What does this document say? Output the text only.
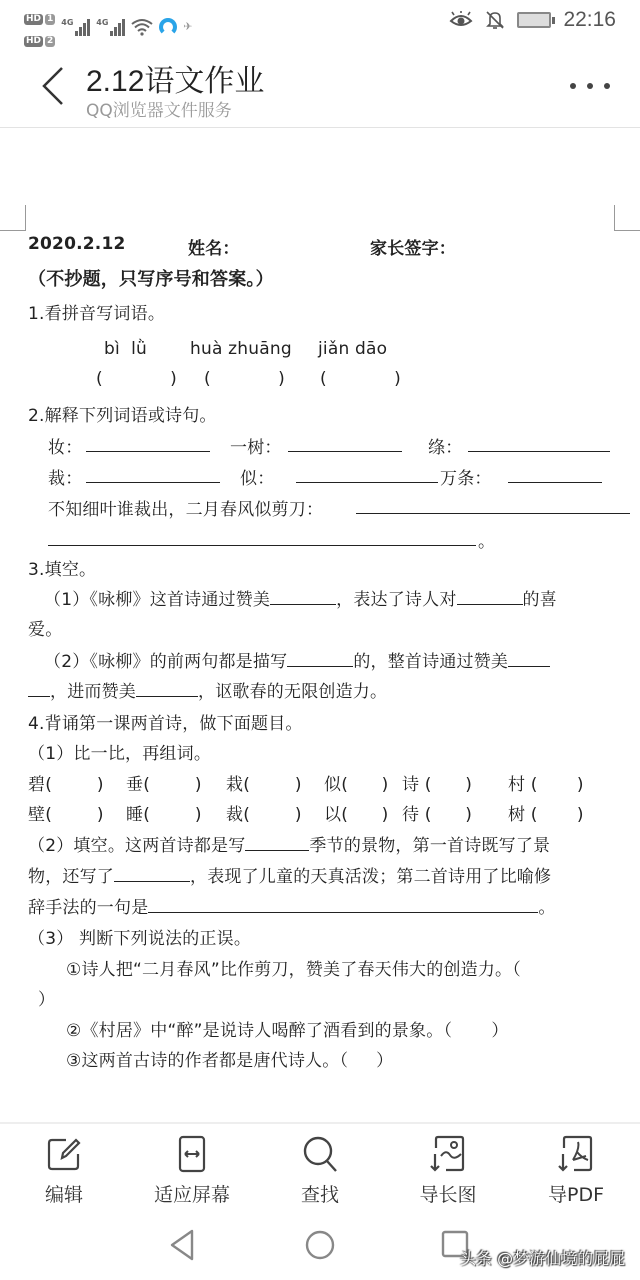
HD 1
HD 2
4G	4G	✈	22:16
2.12语文作业
QQ浏览器文件服务
2020.2.12	姓名：	家长签字：
（不抄题，只写序号和答案。）
1.看拼音写词语。
bì  lǜ	huà zhuāng jiǎn dāo
(            ) (            ) (            )
2.解释下列词语或诗句。
妆：	一树：	绦：
裁：	似：	万条：
不知细叶谁裁出，二月春风似剪刀：
。
3.填空。
（1）《咏柳》这首诗通过赞美	，表达了诗人对	的喜
爱。
（2）《咏柳》的前两句都是描写	的，整首诗通过赞美
，进而赞美	，讴歌春的无限创造力。
4.背诵第一课两首诗，做下面题目。
（1）比一比，再组词。
碧(        ) 垂(        ) 栽(        ) 似(      ) 诗 (      ) 村 (       )
壁(        ) 睡(        ) 裁(        ) 以(      ) 待 (      ) 树 (       )
（2）填空。这两首诗都是写	季节的景物，第一首诗既写了景
物，还写了	，表现了儿童的天真活泼；第二首诗用了比喻修
辞手法的一句是	。
（3） 判断下列说法的正误。
①诗人把“二月春风”比作剪刀，赞美了春天伟大的创造力。（
）
②《村居》中“醉”是说诗人喝醉了酒看到的景象。（       ）
③这两首古诗的作者都是唐代诗人。（     ）
编辑	适应屏幕	查找	导长图	导PDF
头条 @梦游仙境的屁屁
